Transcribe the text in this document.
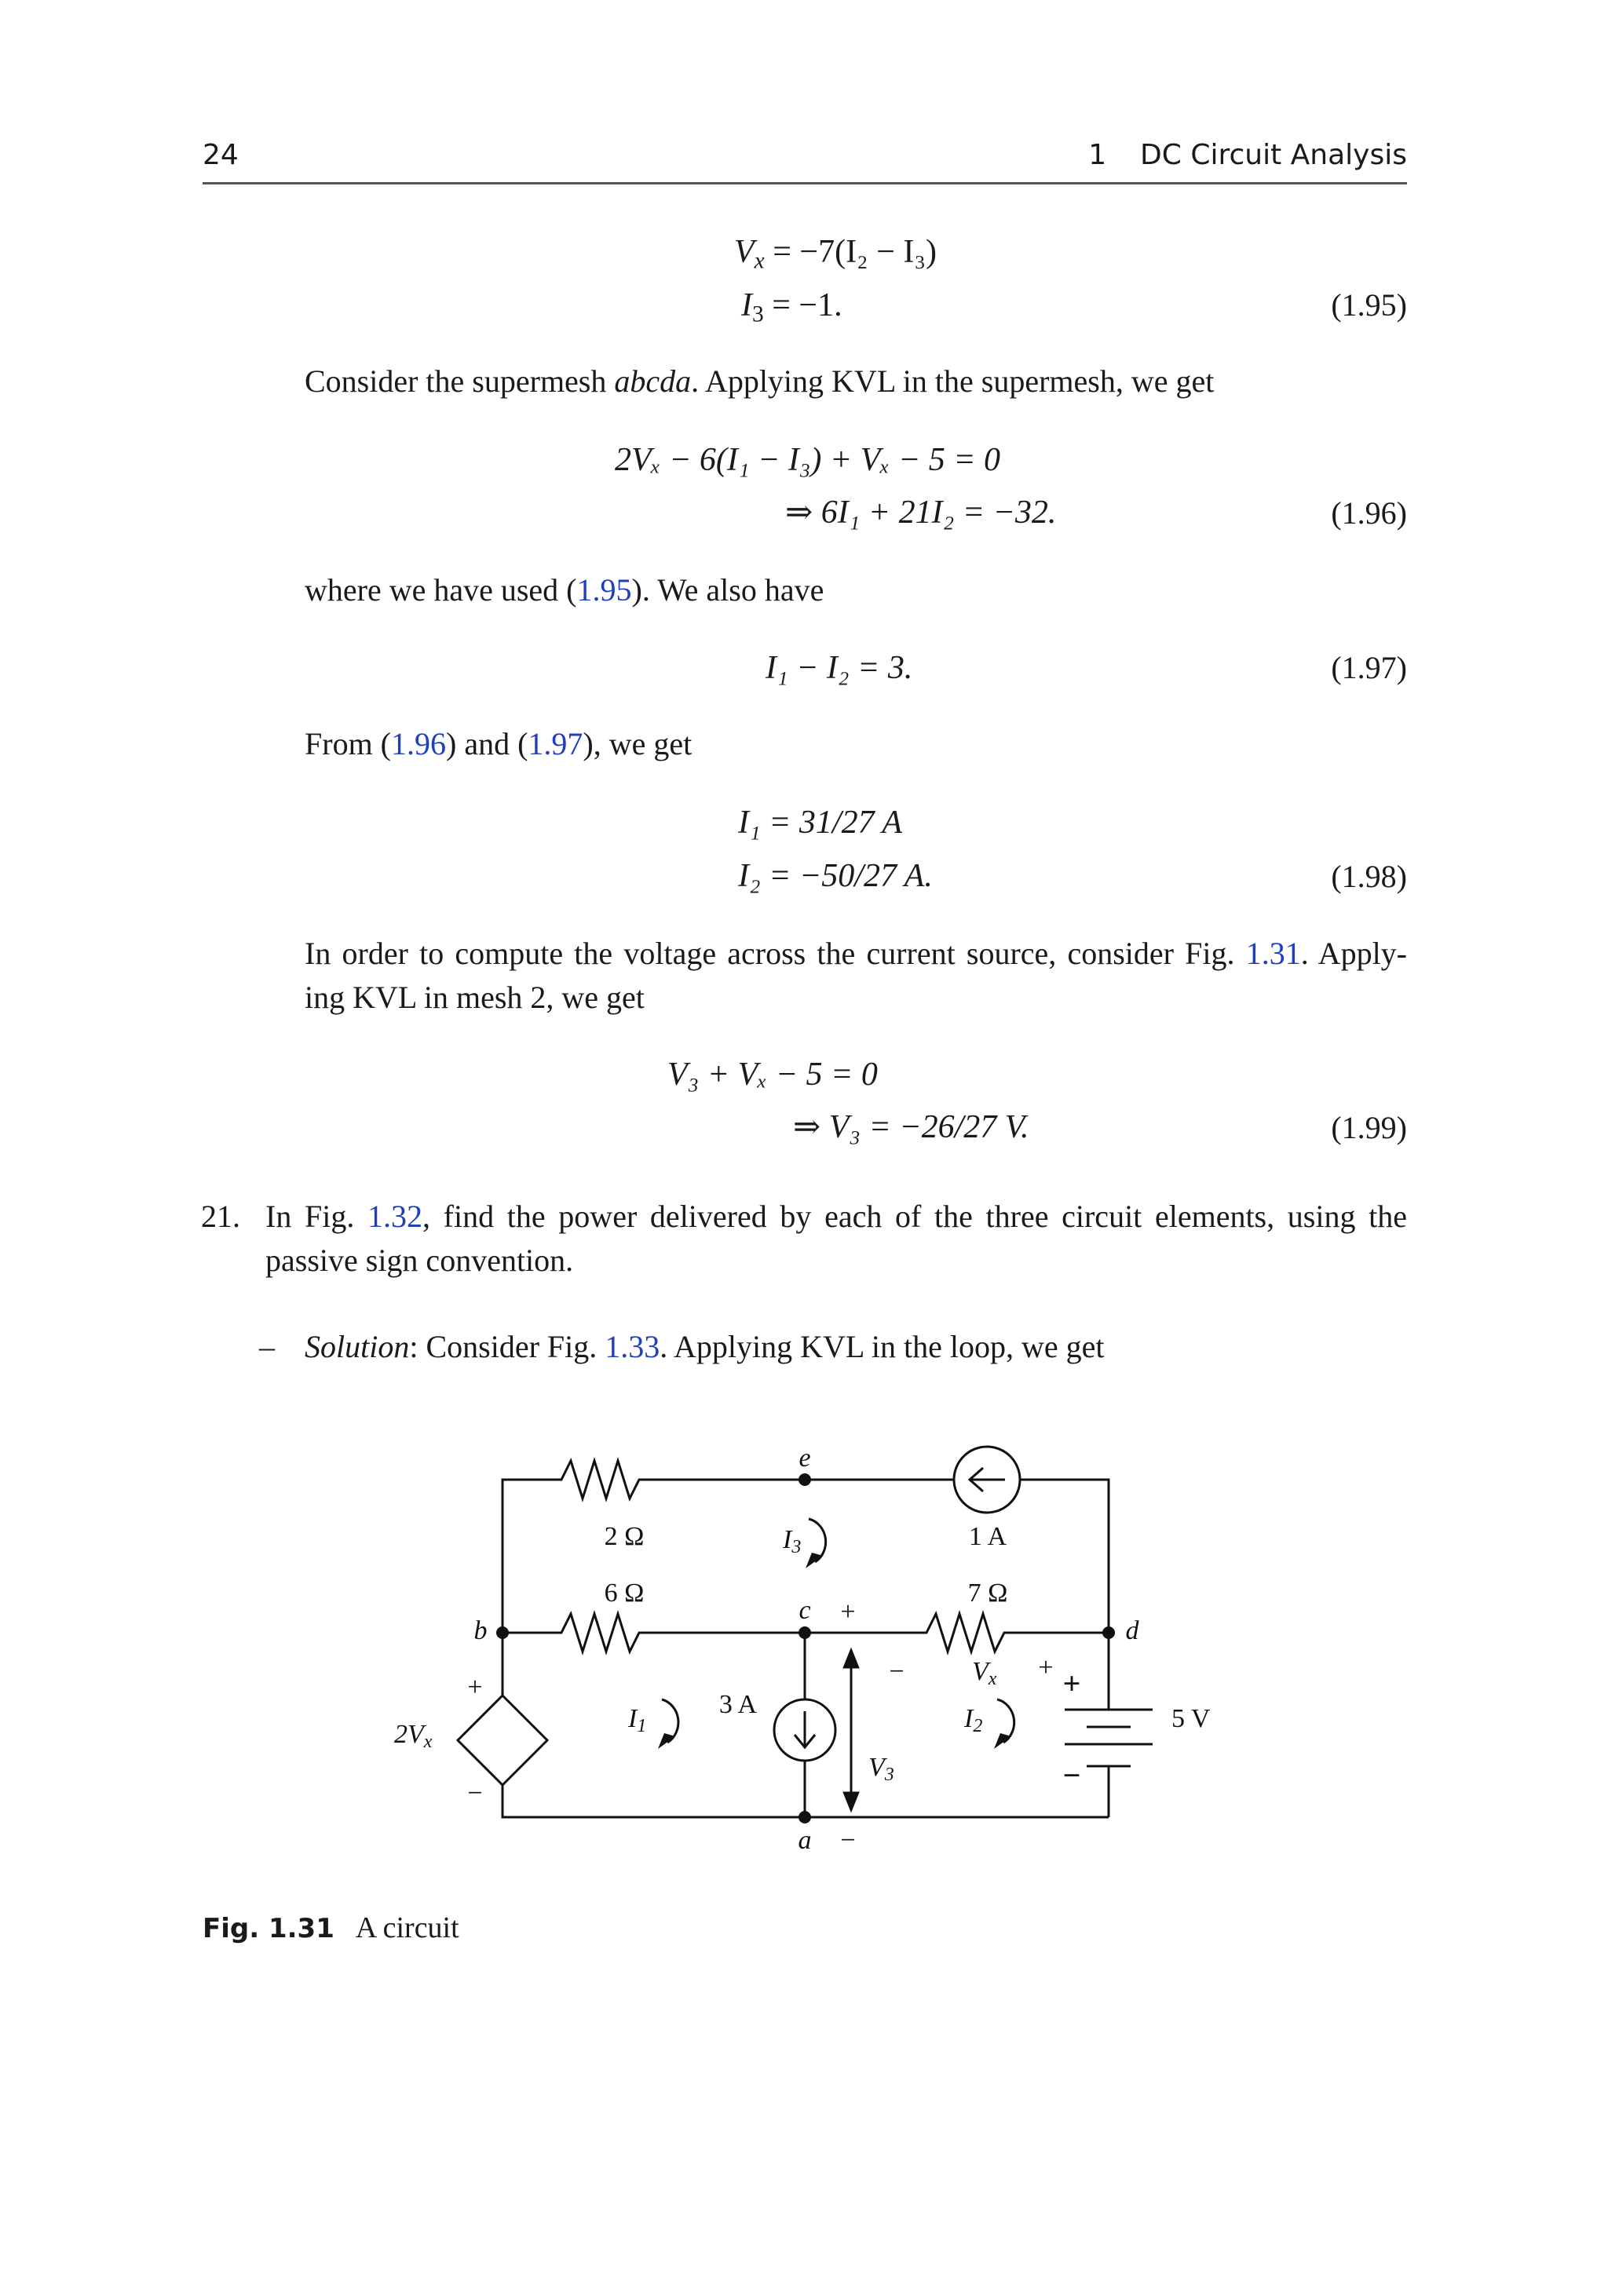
24	1 DC Circuit Analysis
$V_x = -7(I_2 - I_3)$
$I_3 = -1$.	(1.95)
Consider the supermesh abcda. Applying KVL in the supermesh, we get
2Vₓ − 6(I₁ − I₃) + Vₓ − 5 = 0
⇒ 6I₁ + 21I₂ = −32.	(1.96)
where we have used (1.95). We also have
I₁ − I₂ = 3.	(1.97)
From (1.96) and (1.97), we get
I₁ = 31/27 A
I₂ = −50/27 A.	(1.98)
In order to compute the voltage across the current source, consider Fig. 1.31. Apply-
ing KVL in mesh 2, we get
V₃ + Vₓ − 5 = 0
⇒ V₃ = −26/27 V.	(1.99)
21. In Fig. 1.32, find the power delivered by each of the three circuit elements, using the
passive sign convention.
– Solution: Consider Fig. 1.33. Applying KVL in the loop, we get
e
b
c
d
a
2 Ω
6 Ω	7 Ω
1 A
3 A	5 V
2Vx
I3
I1	I2
Vx
V3
+
−
−	+ +
−
+
−
Fig. 1.31 A circuit
